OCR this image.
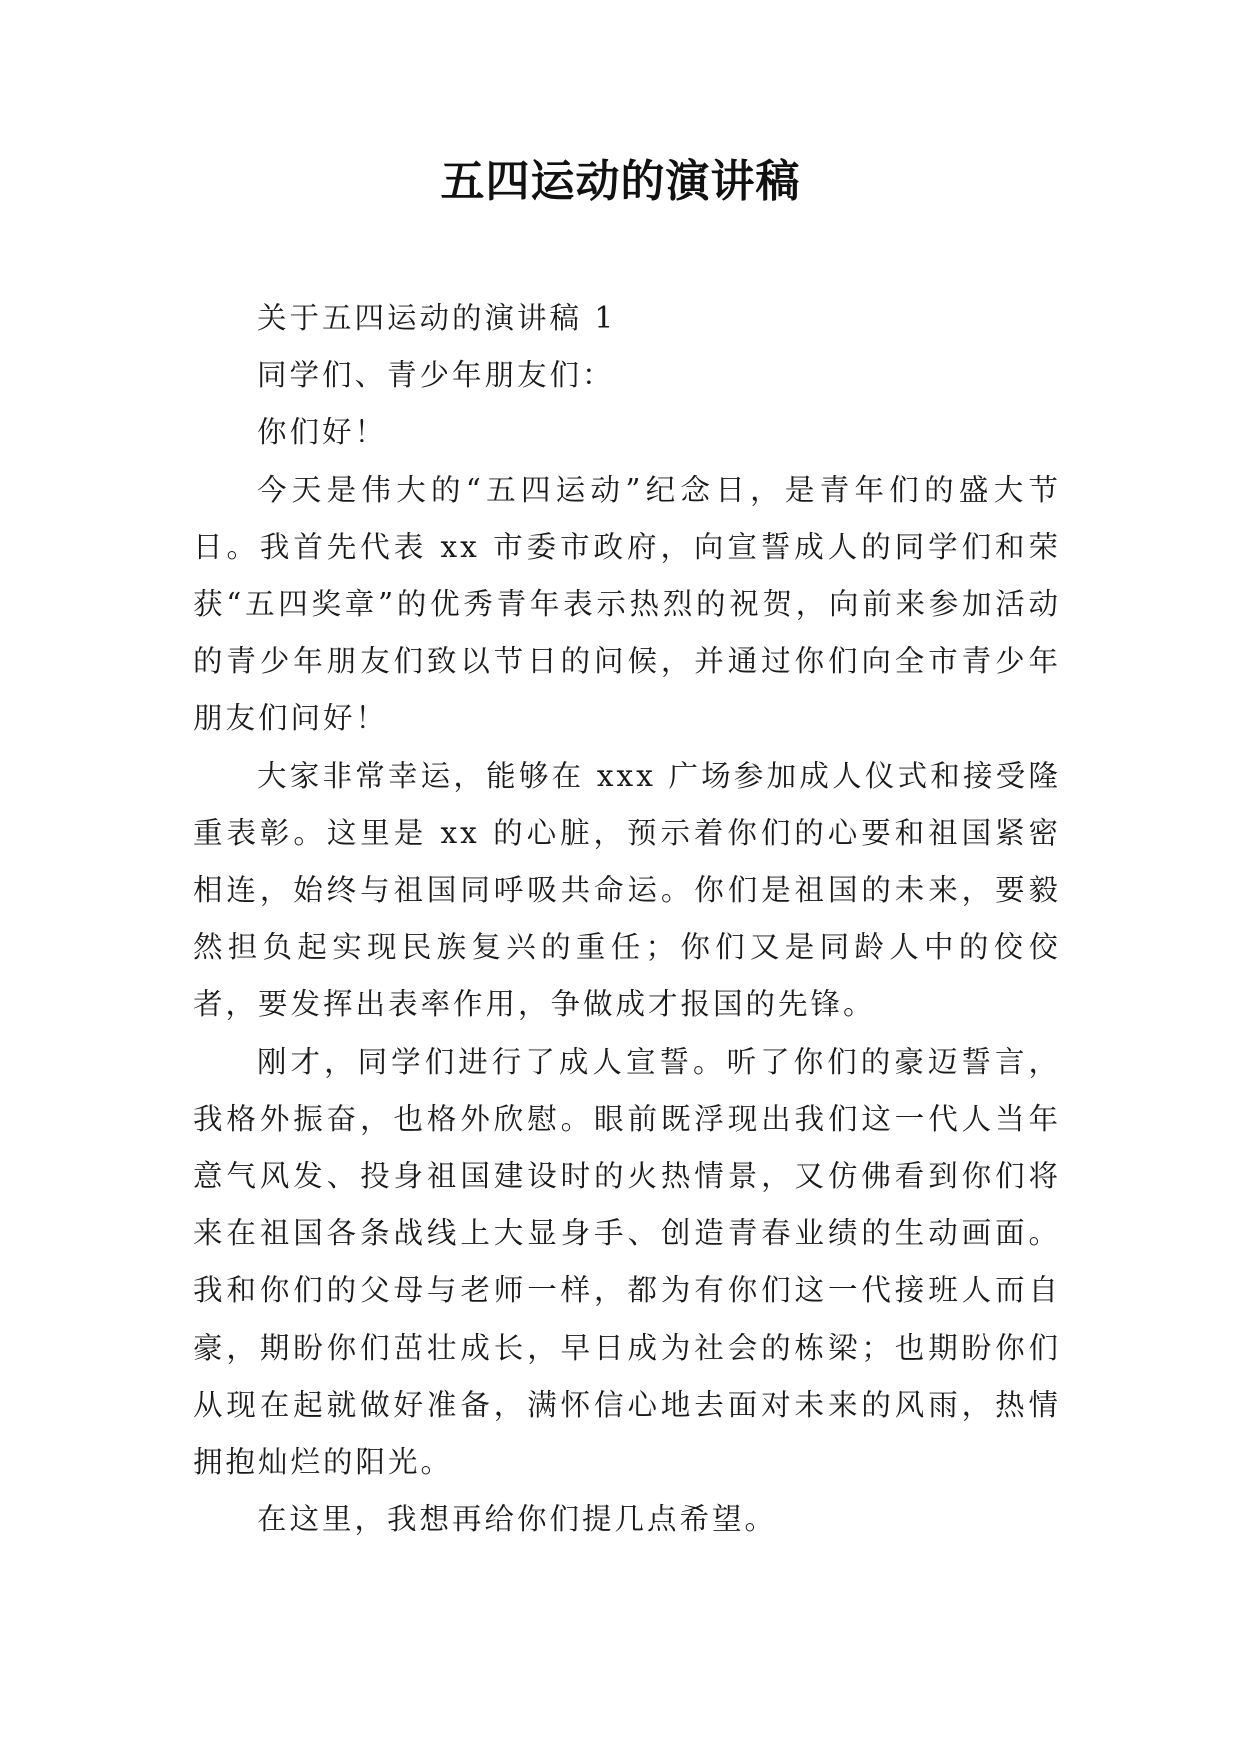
五四运动的演讲稿

关于五四运动的演讲稿 1

同学们、青少年朋友们：

你们好！

今天是伟大的“五四运动”纪念日，是青年们的盛大节日。我首先代表 xx 市委市政府，向宣誓成人的同学们和荣获“五四奖章”的优秀青年表示热烈的祝贺，向前来参加活动的青少年朋友们致以节日的问候，并通过你们向全市青少年朋友们问好！

大家非常幸运，能够在 xxx 广场参加成人仪式和接受隆重表彰。这里是 xx 的心脏，预示着你们的心要和祖国紧密相连，始终与祖国同呼吸共命运。你们是祖国的未来，要毅然担负起实现民族复兴的重任；你们又是同龄人中的佼佼者，要发挥出表率作用，争做成才报国的先锋。

刚才，同学们进行了成人宣誓。听了你们的豪迈誓言，我格外振奋，也格外欣慰。眼前既浮现出我们这一代人当年意气风发、投身祖国建设时的火热情景，又仿佛看到你们将来在祖国各条战线上大显身手、创造青春业绩的生动画面。我和你们的父母与老师一样，都为有你们这一代接班人而自豪，期盼你们茁壮成长，早日成为社会的栋梁；也期盼你们从现在起就做好准备，满怀信心地去面对未来的风雨，热情拥抱灿烂的阳光。

在这里，我想再给你们提几点希望。
